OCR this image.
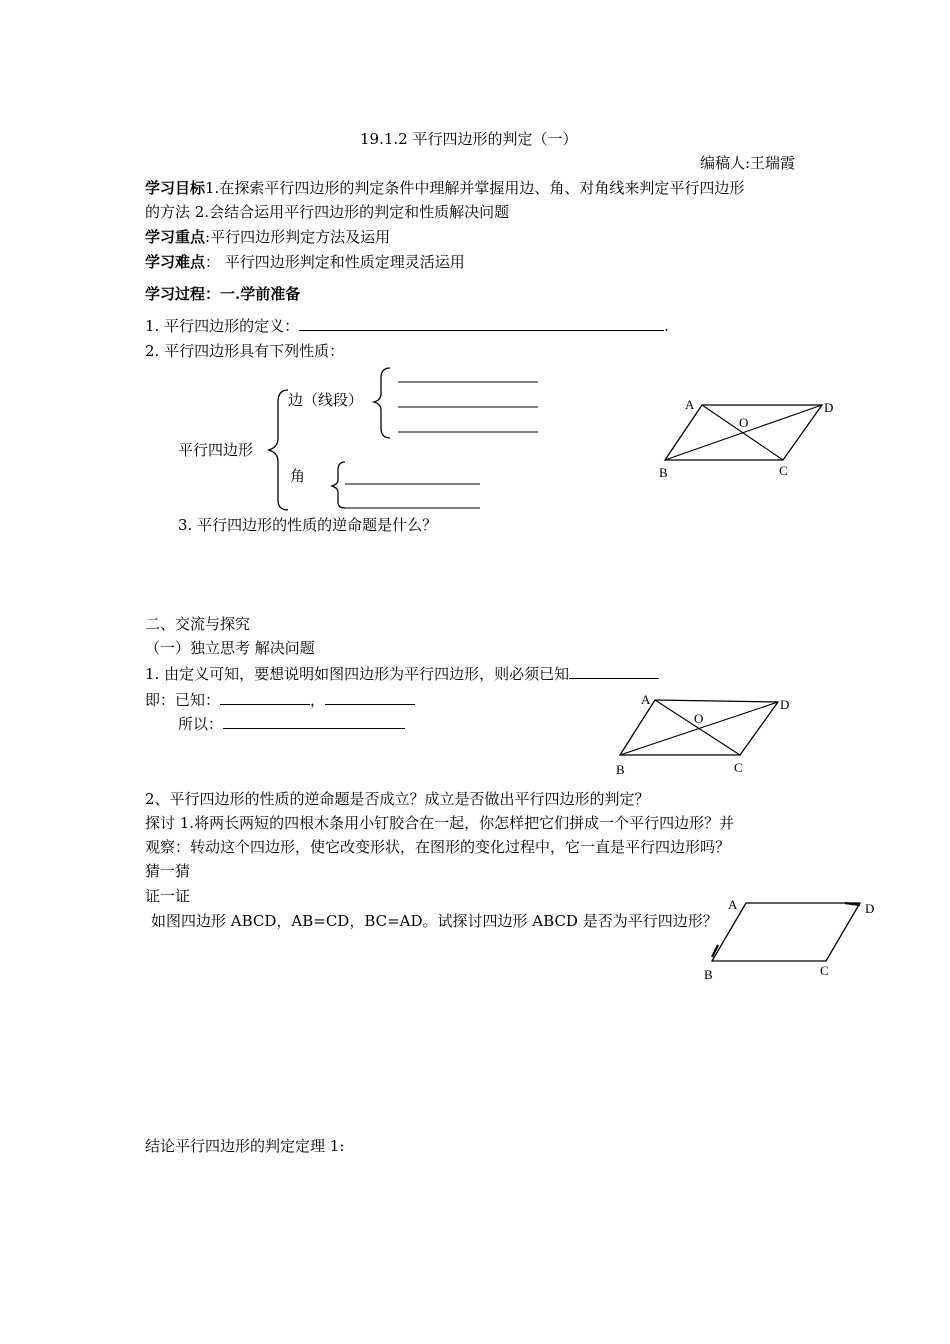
19.1.2 平行四边形的判定（一）
编稿人:王瑞霞
学习目标1.在探索平行四边形的判定条件中理解并掌握用边、角、对角线来判定平行四边形
的方法 2.会结合运用平行四边形的判定和性质解决问题
学习重点:平行四边形判定方法及运用
学习难点： 平行四边形判定和性质定理灵活运用
学习过程：一.学前准备
1. 平行四边形的定义：	.
2. 平行四边形具有下列性质：
平行四边形
边（线段）
角
3. 平行四边形的性质的逆命题是什么？
A	D
B	C
O
二、交流与探究
（一）独立思考 解决问题
1. 由定义可知，要想说明如图四边形为平行四边形，则必须已知
即：已知：	，
所以：
A	D
B	C
O
2、平行四边形的性质的逆命题是否成立？成立是否做出平行四边形的判定？
探讨 1.将两长两短的四根木条用小钉胶合在一起，你怎样把它们拼成一个平行四边形？并
观察：转动这个四边形，使它改变形状，在图形的变化过程中，它一直是平行四边形吗？
猜一猜
证一证
如图四边形 ABCD，AB=CD，BC=AD。试探讨四边形 ABCD 是否为平行四边形？
A	D
B	C
结论平行四边形的判定定理 1:
